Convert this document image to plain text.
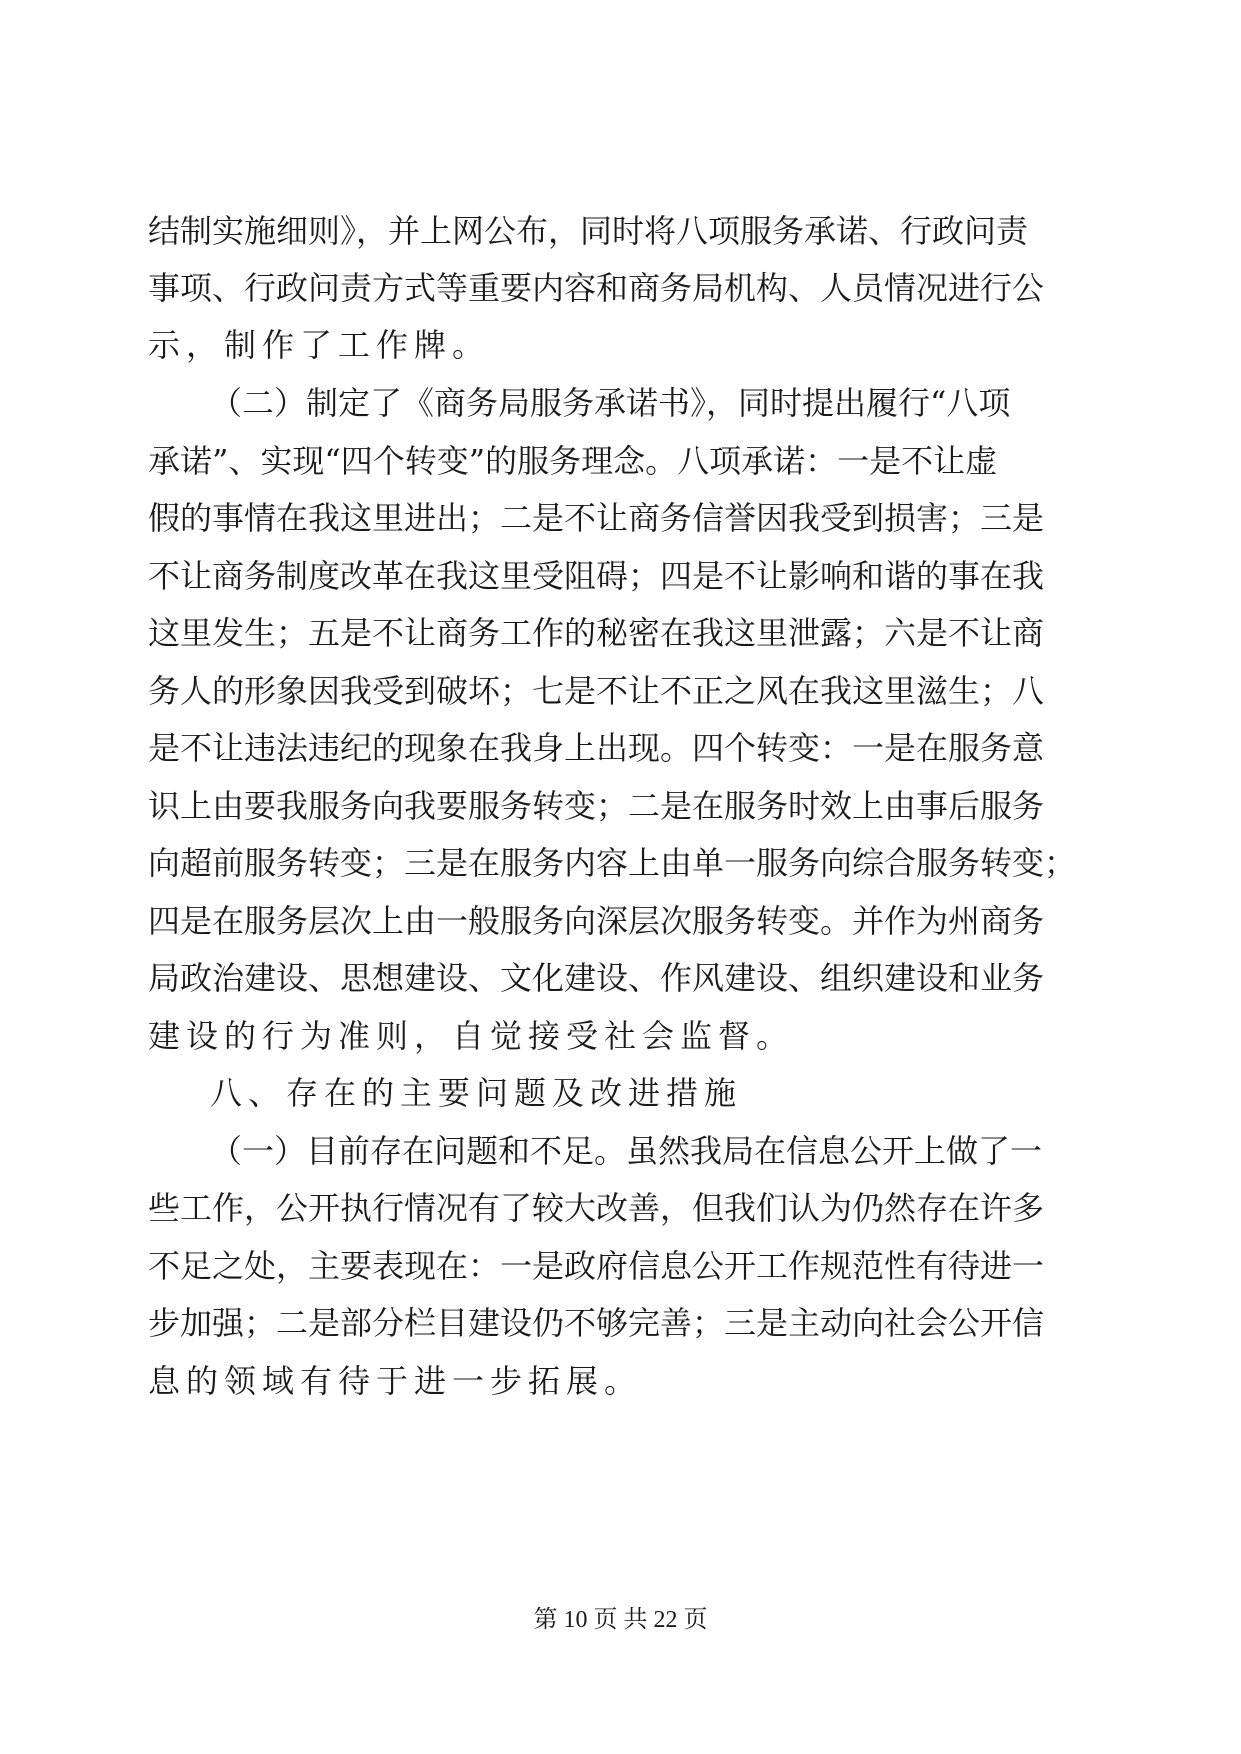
结制实施细则》，并上网公布，同时将八项服务承诺、行政问责
事项、行政问责方式等重要内容和商务局机构、人员情况进行公
示，制作了工作牌。
（二）制定了《商务局服务承诺书》，同时提出履行“八项
承诺”、实现“四个转变”的服务理念。八项承诺：一是不让虚
假的事情在我这里进出；二是不让商务信誉因我受到损害；三是
不让商务制度改革在我这里受阻碍；四是不让影响和谐的事在我
这里发生；五是不让商务工作的秘密在我这里泄露；六是不让商
务人的形象因我受到破坏；七是不让不正之风在我这里滋生；八
是不让违法违纪的现象在我身上出现。四个转变：一是在服务意
识上由要我服务向我要服务转变；二是在服务时效上由事后服务
向超前服务转变；三是在服务内容上由单一服务向综合服务转变；
四是在服务层次上由一般服务向深层次服务转变。并作为州商务
局政治建设、思想建设、文化建设、作风建设、组织建设和业务
建设的行为准则，自觉接受社会监督。
八、存在的主要问题及改进措施
（一）目前存在问题和不足。虽然我局在信息公开上做了一
些工作，公开执行情况有了较大改善，但我们认为仍然存在许多
不足之处，主要表现在：一是政府信息公开工作规范性有待进一
步加强；二是部分栏目建设仍不够完善；三是主动向社会公开信
息的领域有待于进一步拓展。
第 10 页 共 22 页
